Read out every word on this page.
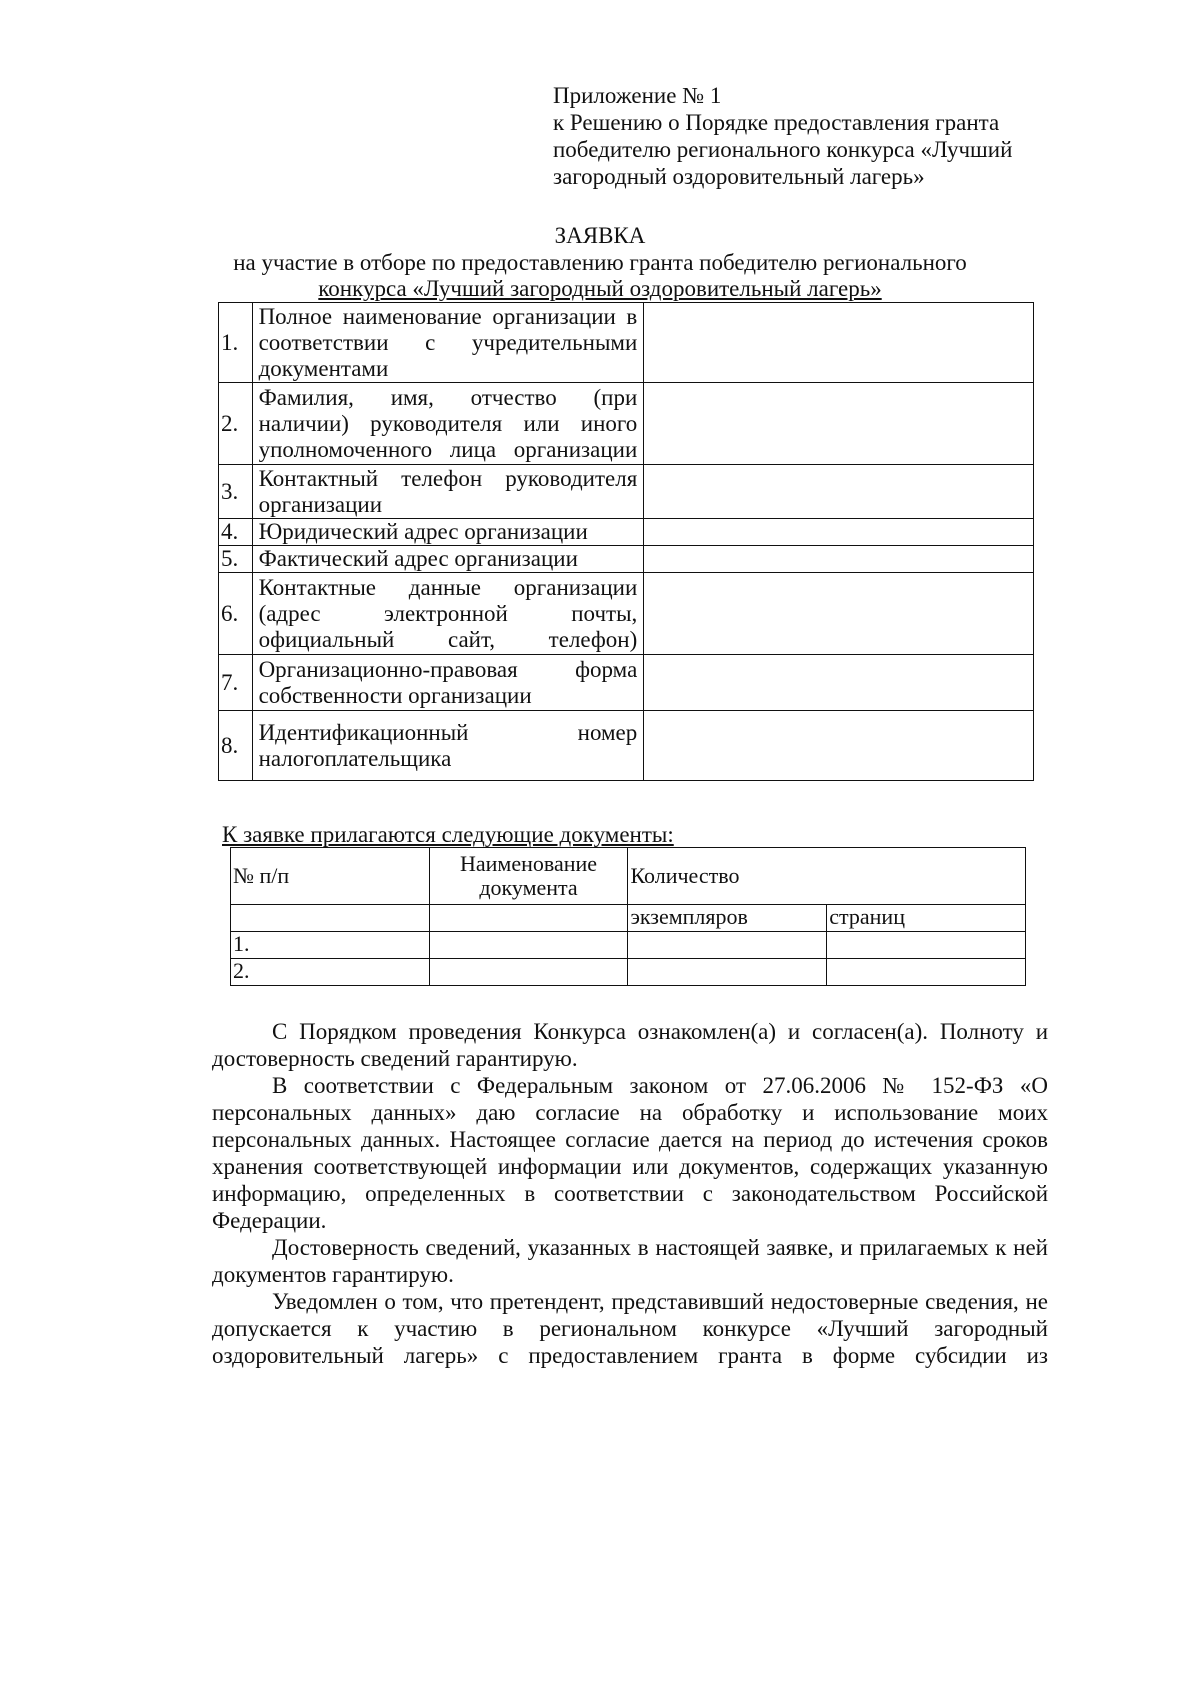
Приложение № 1
к Решению о Порядке предоставления гранта
победителю регионального конкурса «Лучший
загородный оздоровительный лагерь»
ЗАЯВКА
на участие в отборе по предоставлению гранта победителю регионального
конкурса «Лучший загородный оздоровительный лагерь»
1.	Полное наименование организации в соответствии с учредительными документами	
2.	Фамилия, имя, отчество (при наличии) руководителя или иного уполномоченного лица организации	
3.	Контактный телефон руководителя организации	
4.	Юридический адрес организации	
5.	Фактический адрес организации	
6.	Контактные данные организации (адрес электронной почты, официальный сайт, телефон)	
7.	Организационно-правовая форма собственности организации	
8.	Идентификационный номер налогоплательщика	
К заявке прилагаются следующие документы:
№ п/п	Наименование документа	Количество	
		экземпляров	страниц
1.			
2.			

С Порядком проведения Конкурса ознакомлен(а) и согласен(а). Полноту и достоверность сведений гарантирую.

В соответствии с Федеральным законом от 27.06.2006 № 152-ФЗ «О персональных данных» даю согласие на обработку и использование моих персональных данных. Настоящее согласие дается на период до истечения сроков хранения соответствующей информации или документов, содержащих указанную информацию, определенных в соответствии с законодательством Российской Федерации.

Достоверность сведений, указанных в настоящей заявке, и прилагаемых к ней документов гарантирую.

Уведомлен о том, что претендент, представивший недостоверные сведения, не допускается к участию в региональном конкурсе «Лучший загородный оздоровительный лагерь» с предоставлением гранта в форме субсидии из
